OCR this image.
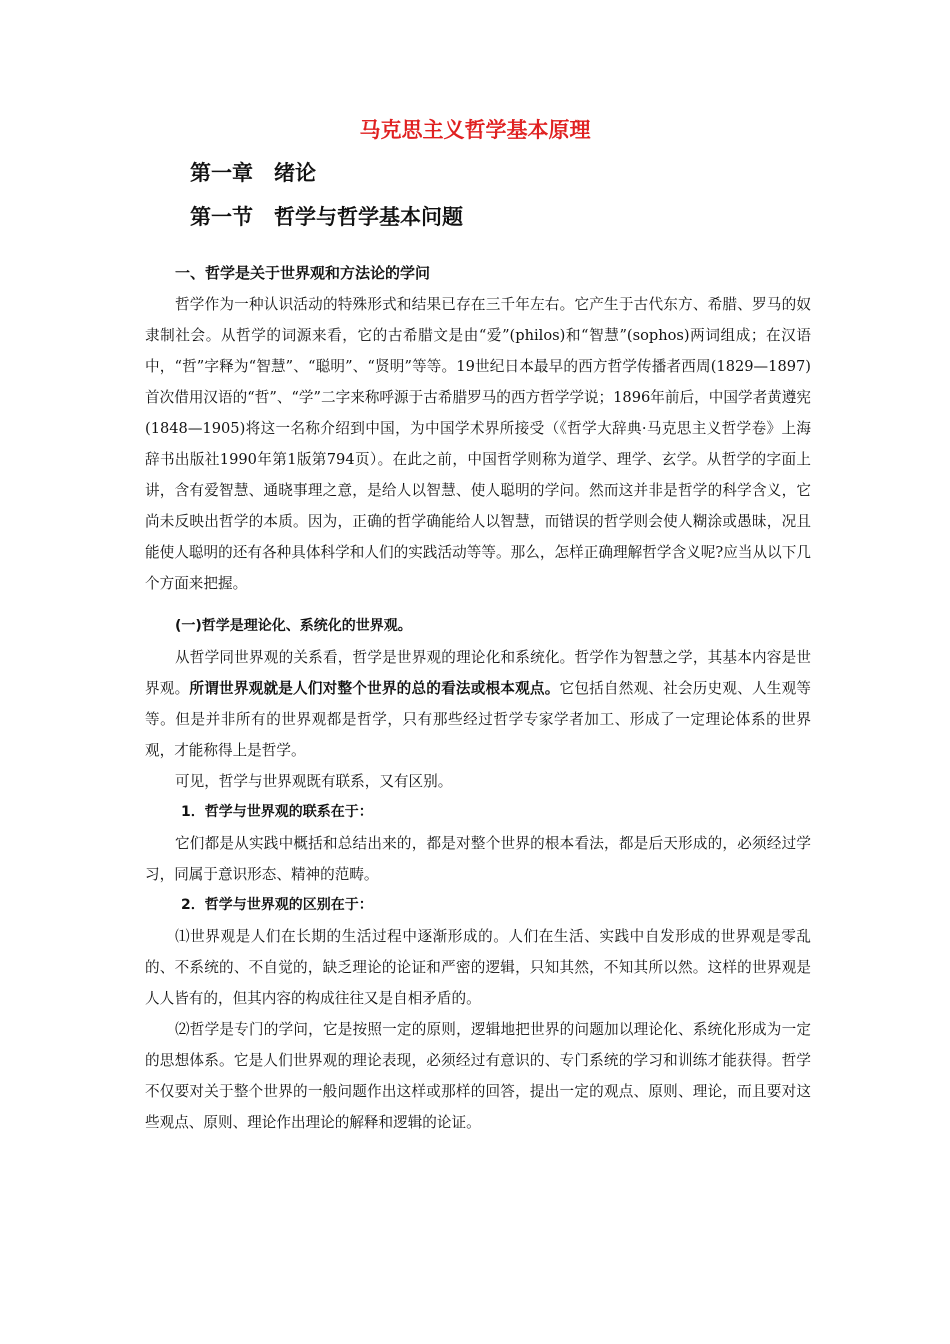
马克思主义哲学基本原理
第一章　绪论
第一节　哲学与哲学基本问题

一、哲学是关于世界观和方法论的学问

哲学作为一种认识活动的特殊形式和结果已存在三千年左右。它产生于古代东方、希腊、罗马的奴隶制社会。从哲学的词源来看，它的古希腊文是由“爱”(philos)和“智慧”(sophos)两词组成；在汉语中，“哲”字释为“智慧”、“聪明”、“贤明”等等。19世纪日本最早的西方哲学传播者西周(1829—1897)首次借用汉语的“哲”、“学”二字来称呼源于古希腊罗马的西方哲学学说；1896年前后，中国学者黄遵宪(1848—1905)将这一名称介绍到中国，为中国学术界所接受（《哲学大辞典·马克思主义哲学卷》上海辞书出版社1990年第1版第794页）。在此之前，中国哲学则称为道学、理学、玄学。从哲学的字面上讲，含有爱智慧、通晓事理之意，是给人以智慧、使人聪明的学问。然而这并非是哲学的科学含义，它尚未反映出哲学的本质。因为，正确的哲学确能给人以智慧，而错误的哲学则会使人糊涂或愚昧，况且能使人聪明的还有各种具体科学和人们的实践活动等等。那么，怎样正确理解哲学含义呢?应当从以下几个方面来把握。

(一)哲学是理论化、系统化的世界观。

从哲学同世界观的关系看，哲学是世界观的理论化和系统化。哲学作为智慧之学，其基本内容是世界观。所谓世界观就是人们对整个世界的总的看法或根本观点。它包括自然观、社会历史观、人生观等等。但是并非所有的世界观都是哲学，只有那些经过哲学专家学者加工、形成了一定理论体系的世界观，才能称得上是哲学。

可见，哲学与世界观既有联系，又有区别。

1．哲学与世界观的联系在于：

它们都是从实践中概括和总结出来的，都是对整个世界的根本看法，都是后天形成的，必须经过学习，同属于意识形态、精神的范畴。

2．哲学与世界观的区别在于：

⑴世界观是人们在长期的生活过程中逐渐形成的。人们在生活、实践中自发形成的世界观是零乱 的、不系统的、不自觉的，缺乏理论的论证和严密的逻辑，只知其然，不知其所以然。这样的世界观是人人皆有的，但其内容的构成往往又是自相矛盾的。

⑵哲学是专门的学问，它是按照一定的原则，逻辑地把世界的问题加以理论化、系统化形成为一定的思想体系。它是人们世界观的理论表现，必须经过有意识的、专门系统的学习和训练才能获得。哲学不仅要对关于整个世界的一般问题作出这样或那样的回答，提出一定的观点、原则、理论，而且要对这些观点、原则、理论作出理论的解释和逻辑的论证。
